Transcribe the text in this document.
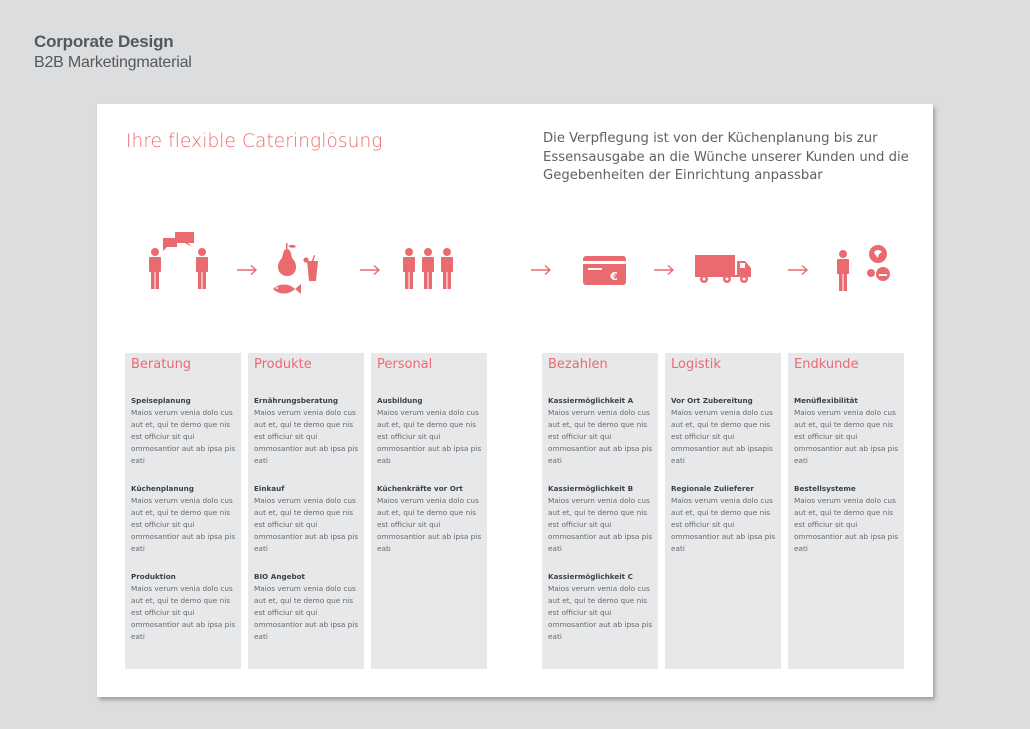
Corporate Design
B2B Marketingmaterial
Ihre flexible Cateringlösung	Die Verpflegung ist von der Küchenplanung bis zur Essensausgabe an die Wünche unserer Kunden und die Gegebenheiten der Einrichtung anpassbar
€
Beratung
Speiseplanung
Maios verum venia dolo cus aut et, qui te demo que nis est officiur sit qui ommosantior aut ab ipsa pis eati
Küchenplanung
Maios verum venia dolo cus aut et, qui te demo que nis est officiur sit qui ommosantior aut ab ipsa pis eati
Produktion
Maios verum venia dolo cus aut et, qui te demo que nis est officiur sit qui ommosantior aut ab ipsa pis eati
Produkte
Ernährungsberatung
Maios verum venia dolo cus aut et, qui te demo que nis est officiur sit qui ommosantior aut ab ipsa pis eati
Einkauf
Maios verum venia dolo cus aut et, qui te demo que nis est officiur sit qui ommosantior aut ab ipsa pis eati
BIO Angebot
Maios verum venia dolo cus aut et, qui te demo que nis est officiur sit qui ommosantior aut ab ipsa pis eati
Personal
Ausbildung
Maios verum venia dolo cus aut et, qui te demo que nis est officiur sit qui ommosantior aut ab ipsa pis eab
Küchenkräfte vor Ort
Maios verum venia dolo cus aut et, qui te demo que nis est officiur sit qui ommosantior aut ab ipsa pis eab
Bezahlen
Kassiermöglichkeit A
Maios verum venia dolo cus aut et, qui te demo que nis est officiur sit qui ommosantior aut ab ipsa pis eati
Kassiermöglichkeit B
Maios verum venia dolo cus aut et, qui te demo que nis est officiur sit qui ommosantior aut ab ipsa pis eati
Kassiermöglichkeit C
Maios verum venia dolo cus aut et, qui te demo que nis est officiur sit qui ommosantior aut ab ipsa pis eati
Logistik
Vor Ort Zubereitung
Maios verum venia dolo cus aut et, qui te demo que nis est officiur sit qui ommosantior aut ab ipsapis eati
Regionale Zulieferer
Maios verum venia dolo cus aut et, qui te demo que nis est officiur sit qui ommosantior aut ab ipsa pis eati
Endkunde
Menüflexibilität
Maios verum venia dolo cus aut et, qui te demo que nis est officiur sit qui ommosantior aut ab ipsa pis eati
Bestellsysteme
Maios verum venia dolo cus aut et, qui te demo que nis est officiur sit qui ommosantior aut ab ipsa pis eati
